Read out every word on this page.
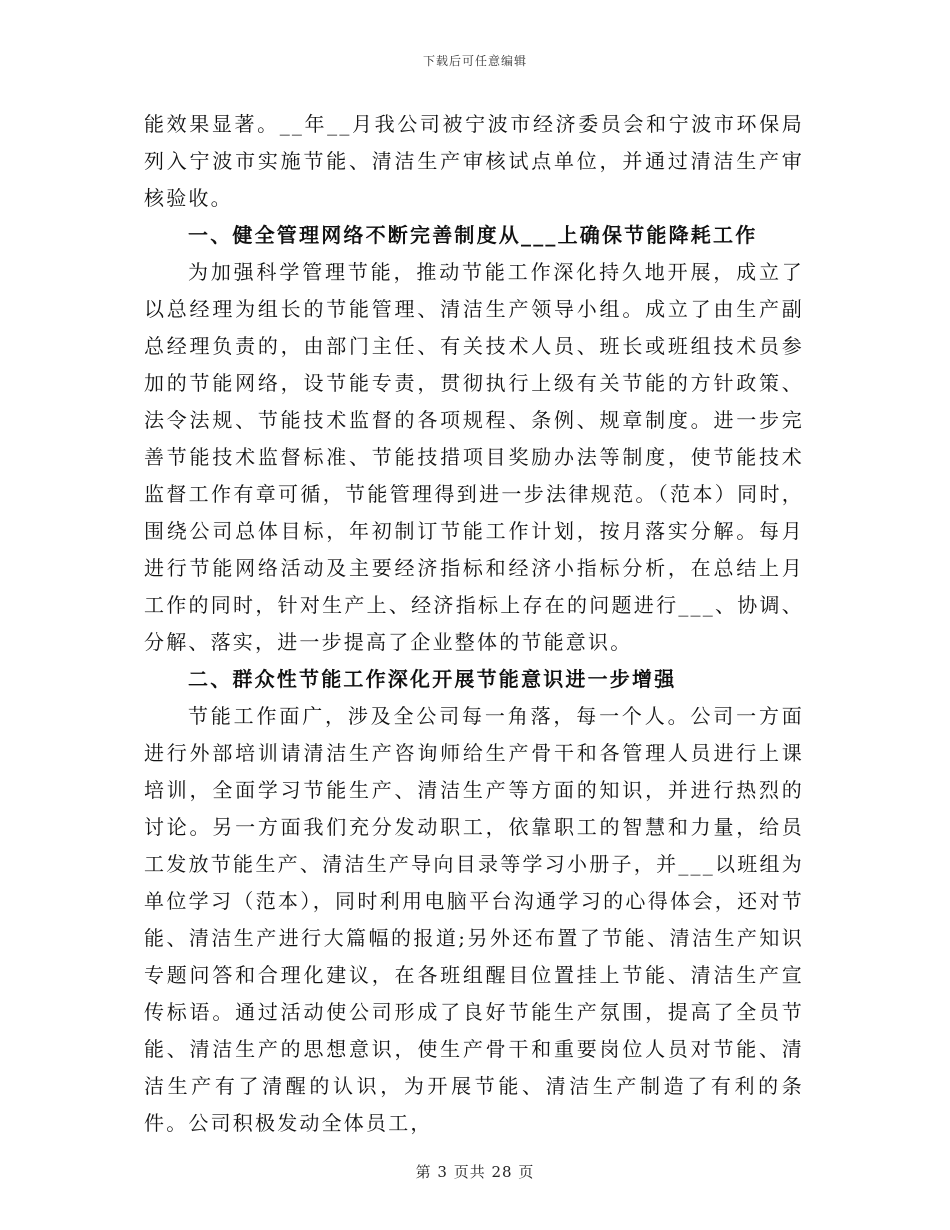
下载后可任意编辑

能效果显著。__年__月我公司被宁波市经济委员会和宁波市环保局列入宁波市实施节能、清洁生产审核试点单位，并通过清洁生产审核验收。

一、健全管理网络不断完善制度从___上确保节能降耗工作

为加强科学管理节能，推动节能工作深化持久地开展，成立了以总经理为组长的节能管理、清洁生产领导小组。成立了由生产副总经理负责的，由部门主任、有关技术人员、班长或班组技术员参加的节能网络，设节能专责，贯彻执行上级有关节能的方针政策、法令法规、节能技术监督的各项规程、条例、规章制度。进一步完善节能技术监督标准、节能技措项目奖励办法等制度，使节能技术监督工作有章可循，节能管理得到进一步法律规范。（范本）同时，围绕公司总体目标，年初制订节能工作计划，按月落实分解。每月进行节能网络活动及主要经济指标和经济小指标分析，在总结上月工作的同时，针对生产上、经济指标上存在的问题进行___、协调、分解、落实，进一步提高了企业整体的节能意识。

二、群众性节能工作深化开展节能意识进一步增强

节能工作面广，涉及全公司每一角落，每一个人。公司一方面进行外部培训请清洁生产咨询师给生产骨干和各管理人员进行上课培训，全面学习节能生产、清洁生产等方面的知识，并进行热烈的讨论。另一方面我们充分发动职工，依靠职工的智慧和力量，给员工发放节能生产、清洁生产导向目录等学习小册子，并___以班组为单位学习（范本），同时利用电脑平台沟通学习的心得体会，还对节能、清洁生产进行大篇幅的报道;另外还布置了节能、清洁生产知识专题问答和合理化建议，在各班组醒目位置挂上节能、清洁生产宣传标语。通过活动使公司形成了良好节能生产氛围，提高了全员节能、清洁生产的思想意识，使生产骨干和重要岗位人员对节能、清洁生产有了清醒的认识，为开展节能、清洁生产制造了有利的条件。公司积极发动全体员工，

第 3 页共 28 页
